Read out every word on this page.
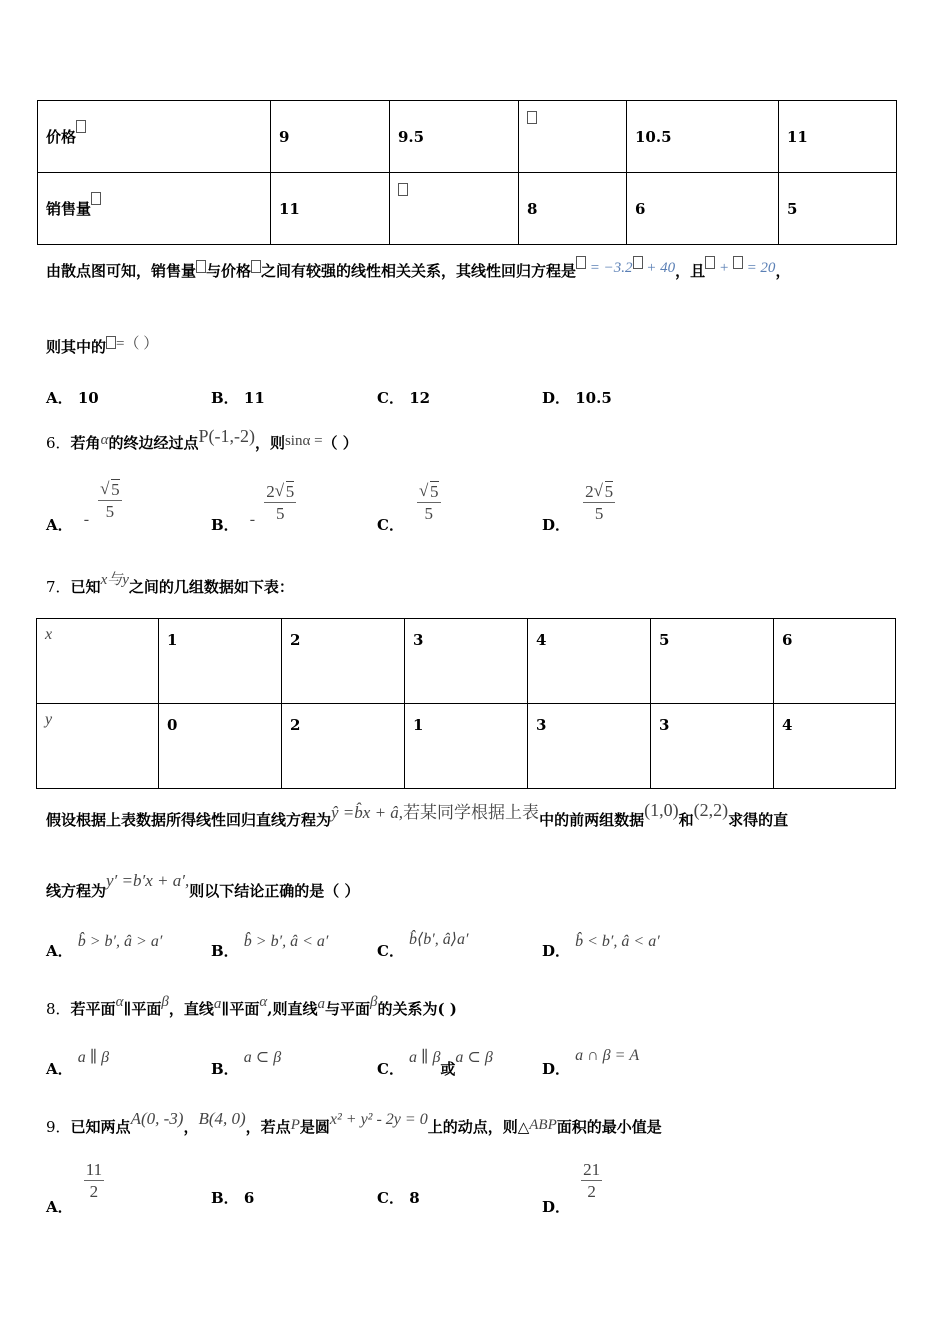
价格	9	9.5		10.5	11
销售量	11		8	6	5
由散点图可知，销售量 与价格 之间有较强的线性相关关系，其线性回归方程是 = −3.2 + 40，且 + = 20，
则其中的 =（ ）
A． 10	B． 11	C． 12	D． 10.5
6．若角α的终边经过点P(-1,-2)，则sinα =（ ）
A． - √ $\frac{5}{5}$
B． - $\frac{2 √ 5}{5}$	C． √ $\frac{5}{5}$	D． $\frac{2 √ 5}{5}$
7．已知x与y之间的几组数据如下表：
x	1	2	3	4	5	6
y	0	2	1	3	3	4
假设根据上表数据所得线性回归直线方程为ŷ =b̂x + â,若某同学根据上表中的前两组数据(1,0)和(2,2)求得的直
线方程为y′ =b′x + a′,则以下结论正确的是（ ）
A． b̂ > b′, â > a′
B． b̂ > b′, â < a′
C． b̂⟨b′, â⟩a′
D． b̂ < b′, â < a′
8．若平面α∥平面β，直线a∥平面α,则直线a与平面β的关系为( )
A． a ∥ β
B． a ⊂ β
C． a ∥ β或a ⊂ β
D． a ∩ β = A
9．已知两点A(0, -3)，B(4, 0)，若点P是圆x² + y² - 2y = 0上的动点，则△ABP面积的最小值是
A．
$\frac{11}{2}$	B． 6	C． 8	D．
$\frac{21}{2}$
